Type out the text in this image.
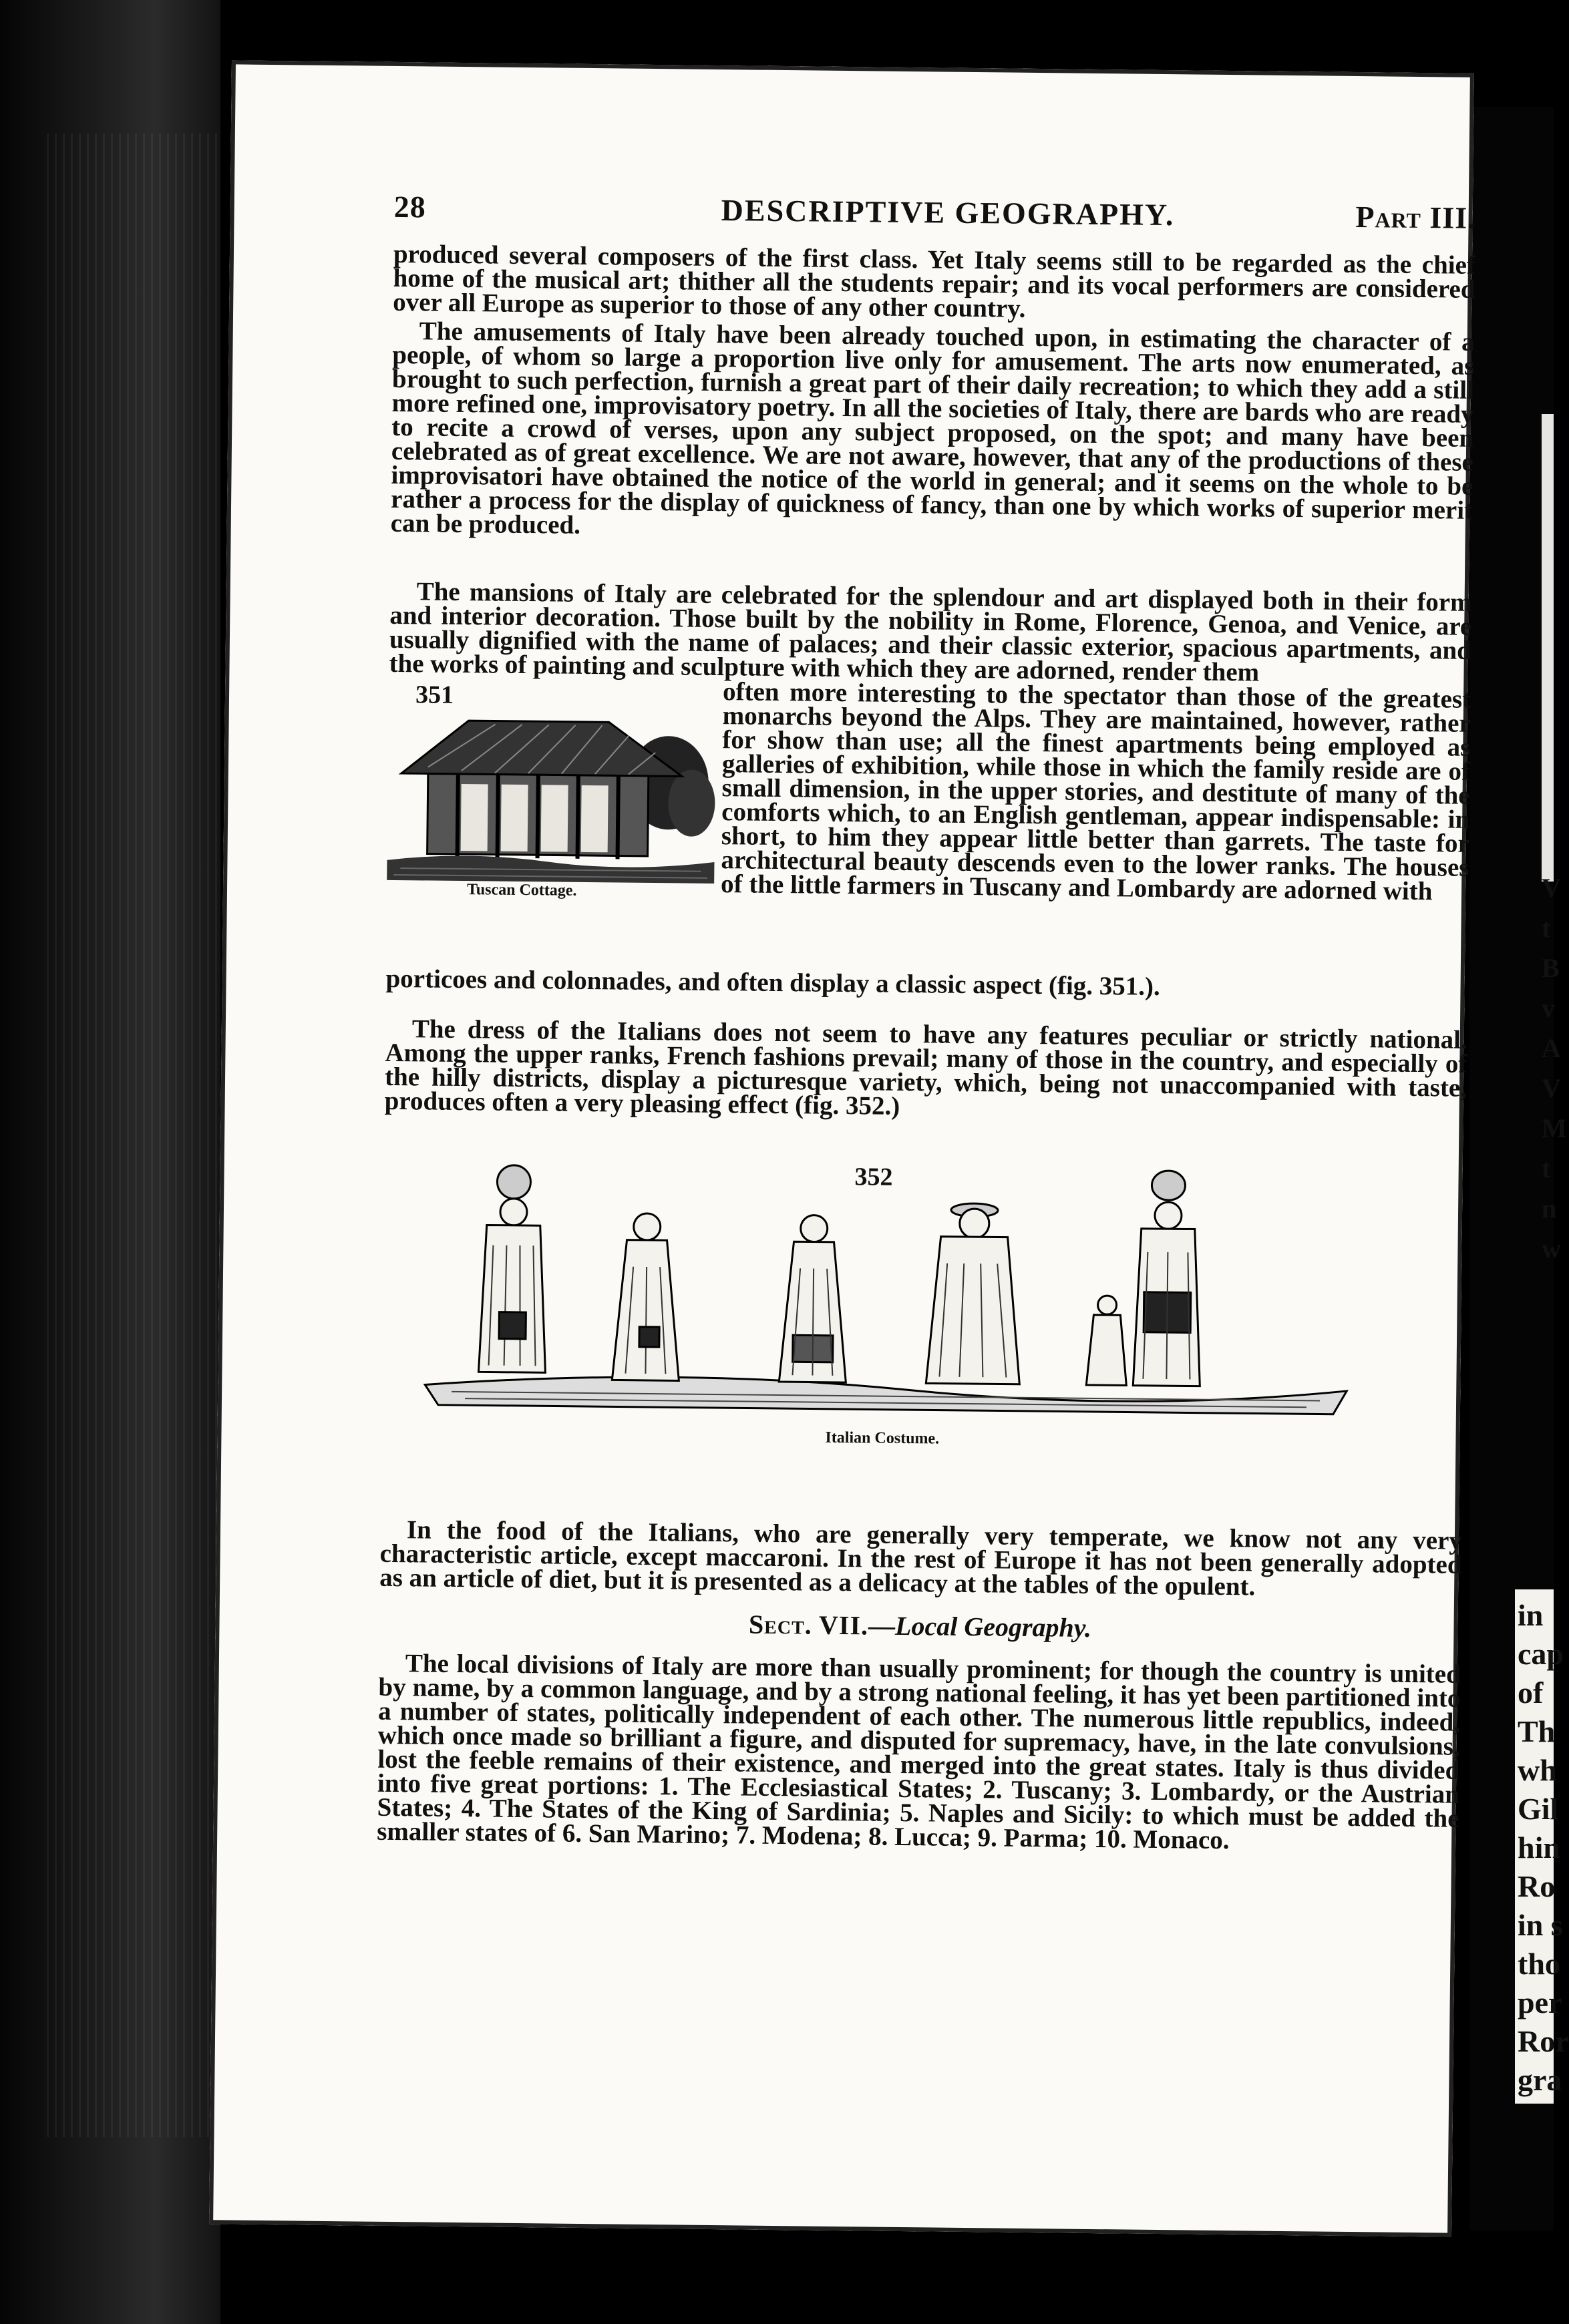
28	DESCRIPTIVE GEOGRAPHY.	Part III.

produced several composers of the first class. Yet Italy seems still to be regarded as the chief home of the musical art; thither all the students repair; and its vocal performers are considered over all Europe as superior to those of any other country.

The amusements of Italy have been already touched upon, in estimating the character of a people, of whom so large a proportion live only for amusement. The arts now enumerated, as brought to such perfection, furnish a great part of their daily recreation; to which they add a still more refined one, improvisatory poetry. In all the societies of Italy, there are bards who are ready to recite a crowd of verses, upon any subject proposed, on the spot; and many have been celebrated as of great excellence. We are not aware, however, that any of the productions of these improvisatori have obtained the notice of the world in general; and it seems on the whole to be rather a process for the display of quickness of fancy, than one by which works of superior merit can be produced.

The mansions of Italy are celebrated for the splendour and art displayed both in their form and interior decoration. Those built by the nobility in Rome, Florence, Genoa, and Venice, are usually dignified with the name of palaces; and their classic exterior, spacious apartments, and the works of painting and sculpture with which they are adorned, render them

351
Tuscan Cottage.

often more interesting to the spectator than those of the greatest monarchs beyond the Alps. They are maintained, however, rather for show than use; all the finest apartments being employed as galleries of exhibition, while those in which the family reside are of small dimension, in the upper stories, and destitute of many of the comforts which, to an English gentleman, appear indispensable: in short, to him they appear little better than garrets. The taste for architectural beauty descends even to the lower ranks. The houses of the little farmers in Tuscany and Lombardy are adorned with

porticoes and colonnades, and often display a classic aspect (fig. 351.).

The dress of the Italians does not seem to have any features peculiar or strictly national. Among the upper ranks, French fashions prevail; many of those in the country, and especially of the hilly districts, display a picturesque variety, which, being not unaccompanied with taste, produces often a very pleasing effect (fig. 352.)

352
Italian Costume.

In the food of the Italians, who are generally very temperate, we know not any very characteristic article, except maccaroni. In the rest of Europe it has not been generally adopted as an article of diet, but it is presented as a delicacy at the tables of the opulent.

Sect. VII.—Local Geography.

The local divisions of Italy are more than usually prominent; for though the country is united by name, by a common language, and by a strong national feeling, it has yet been partitioned into a number of states, politically independent of each other. The numerous little republics, indeed, which once made so brilliant a figure, and disputed for supremacy, have, in the late convulsions, lost the feeble remains of their existence, and merged into the great states. Italy is thus divided into five great portions: 1. The Ecclesiastical States; 2. Tuscany; 3. Lombardy, or the Austrian States; 4. The States of the King of Sardinia; 5. Naples and Sicily: to which must be added the smaller states of 6. San Marino; 7. Modena; 8. Lucca; 9. Parma; 10. Monaco.

V
t
B
v
A
V
M
t
n
w
in
cap
of
Th
wh
Gil
hin
Ro
in s
tho
per
Ror
gra
